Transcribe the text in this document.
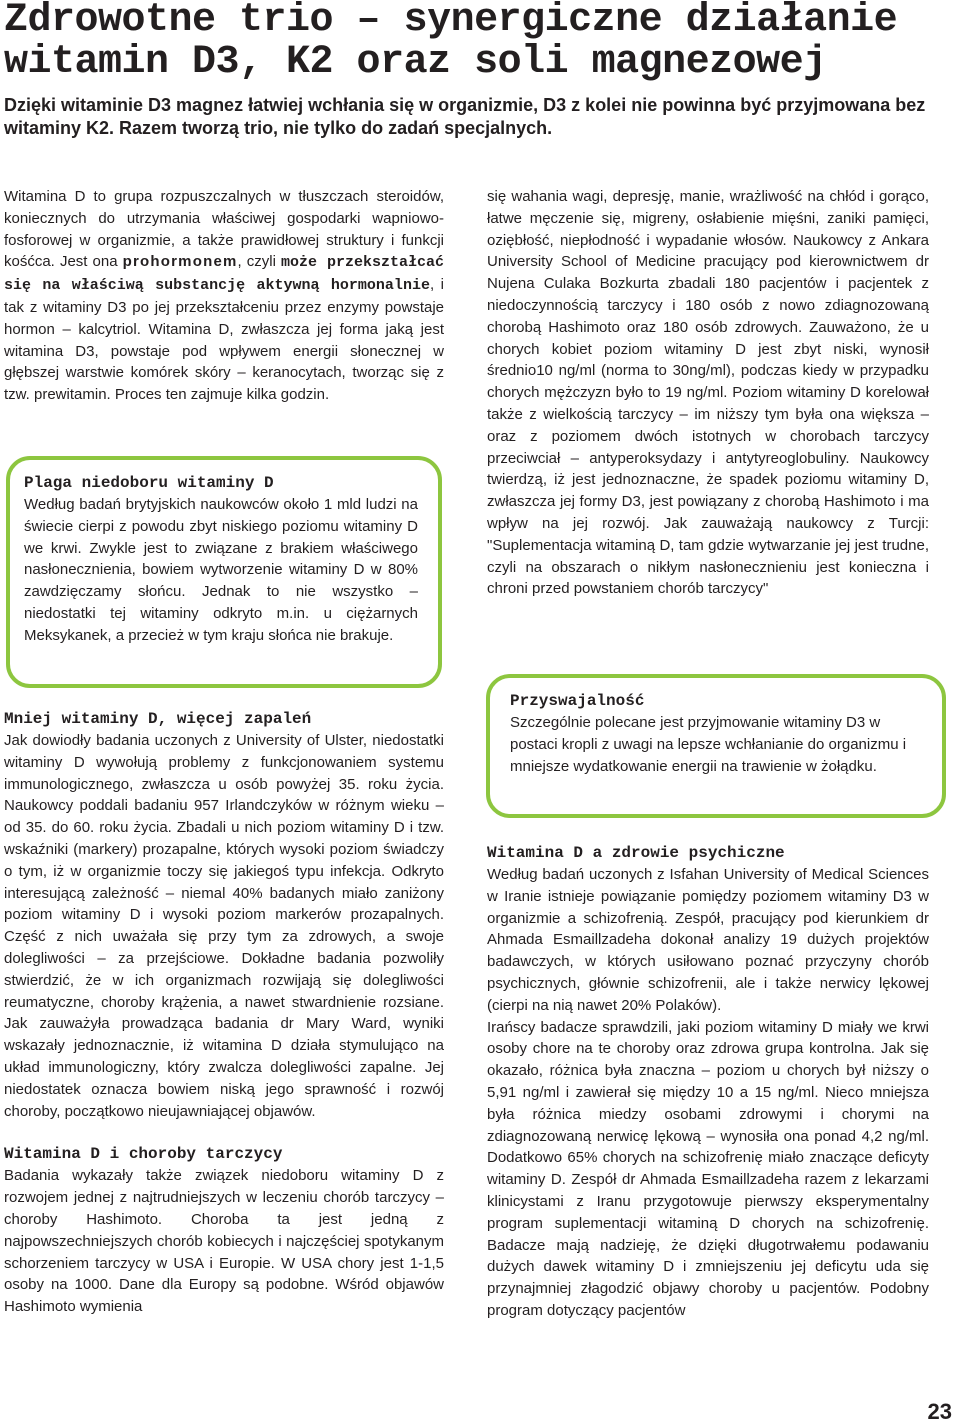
Zdrowotne trio – synergiczne działanie witamin D3, K2 oraz soli magnezowej

Dzięki witaminie D3 magnez łatwiej wchłania się w organizmie, D3 z kolei nie powinna być przyjmowana bez witaminy K2. Razem tworzą trio, nie tylko do zadań specjalnych.

Witamina D to grupa rozpuszczalnych w tłuszczach steroidów, koniecznych do utrzymania właściwej gospodarki wapniowo-fosforowej w organizmie, a także prawidłowej struktury i funkcji kośćca. Jest ona prohormonem, czyli może przekształcać się na właściwą substancję aktywną hormonalnie, i tak z witaminy D3 po jej przekształceniu przez enzymy powstaje hormon – kalcytriol. Witamina D, zwłaszcza jej forma jaką jest witamina D3, powstaje pod wpływem energii słonecznej w głębszej warstwie komórek skóry – keranocytach, tworząc się z tzw. prewitamin. Proces ten zajmuje kilka godzin.

Plaga niedoboru witaminy D

Według badań brytyjskich naukowców około 1 mld ludzi na świecie cierpi z powodu zbyt niskiego poziomu witaminy D we krwi. Zwykle jest to związane z brakiem właściwego nasłonecznienia, bowiem wytworzenie witaminy D w 80% zawdzięczamy słońcu. Jednak to nie wszystko – niedostatki tej witaminy odkryto m.in. u ciężarnych Meksykanek, a przecież w tym kraju słońca nie brakuje.

Mniej witaminy D, więcej zapaleń

Jak dowiodły badania uczonych z University of Ulster, niedostatki witaminy D wywołują problemy z funkcjonowaniem systemu immunologicznego, zwłaszcza u osób powyżej 35. roku życia. Naukowcy poddali badaniu 957 Irlandczyków w różnym wieku – od 35. do 60. roku życia. Zbadali u nich poziom witaminy D i tzw. wskaźniki (markery) prozapalne, których wysoki poziom świadczy o tym, iż w organizmie toczy się jakiegoś typu infekcja. Odkryto interesującą zależność – niemal 40% badanych miało zaniżony poziom witaminy D i wysoki poziom markerów prozapalnych. Część z nich uważała się przy tym za zdrowych, a swoje dolegliwości – za przejściowe. Dokładne badania pozwoliły stwierdzić, że w ich organizmach rozwijają się dolegliwości reumatyczne, choroby krążenia, a nawet stwardnienie rozsiane. Jak zauważyła prowadząca badania dr Mary Ward, wyniki wskazały jednoznacznie, iż witamina D działa stymulująco na układ immunologiczny, który zwalcza dolegliwości zapalne. Jej niedostatek oznacza bowiem niską jego sprawność i rozwój choroby, początkowo nieujawniającej objawów.

Witamina D i choroby tarczycy

Badania wykazały także związek niedoboru witaminy D z rozwojem jednej z najtrudniejszych w leczeniu chorób tarczycy – choroby Hashimoto. Choroba ta jest jedną z najpowszechniejszych chorób kobiecych i najczęściej spotykanym schorzeniem tarczycy w USA i Europie. W USA chory jest 1-1,5 osoby na 1000. Dane dla Europy są podobne. Wśród objawów Hashimoto wymienia

się wahania wagi, depresję, manie, wrażliwość na chłód i gorąco, łatwe męczenie się, migreny, osłabienie mięśni, zaniki pamięci, oziębłość, niepłodność i wypadanie włosów. Naukowcy z Ankara University School of Medicine pracujący pod kierownictwem dr Nujena Culaka Bozkurta zbadali 180 pacjentów i pacjentek z niedoczynnością tarczycy i 180 osób z nowo zdiagnozowaną chorobą Hashimoto oraz 180 osób zdrowych. Zauważono, że u chorych kobiet poziom witaminy D jest zbyt niski, wynosił średnio10 ng/ml (norma to 30ng/ml), podczas kiedy w przypadku chorych mężczyzn było to 19 ng/ml. Poziom witaminy D korelował także z wielkością tarczycy – im niższy tym była ona większa – oraz z poziomem dwóch istotnych w chorobach tarczycy przeciwciał – antyperoksydazy i antytyreoglobuliny. Naukowcy twierdzą, iż jest jednoznaczne, że spadek poziomu witaminy D, zwłaszcza jej formy D3, jest powiązany z chorobą Hashimoto i ma wpływ na jej rozwój. Jak zauważają naukowcy z Turcji: "Suplementacja witaminą D, tam gdzie wytwarzanie jej jest trudne, czyli na obszarach o nikłym nasłonecznieniu jest konieczna i chroni przed powstaniem chorób tarczycy"

Przyswajalność

Szczególnie polecane jest przyjmowanie witaminy D3 w postaci kropli z uwagi na lepsze wchłanianie do organizmu i mniejsze wydatkowanie energii na trawienie w żołądku.

Witamina D a zdrowie psychiczne

Według badań uczonych z Isfahan University of Medical Sciences w Iranie istnieje powiązanie pomiędzy poziomem witaminy D3 w organizmie a schizofrenią. Zespół, pracujący pod kierunkiem dr Ahmada Esmaillzadeha dokonał analizy 19 dużych projektów badawczych, w których usiłowano poznać przyczyny chorób psychicznych, głównie schizofrenii, ale i także nerwicy lękowej (cierpi na nią nawet 20% Polaków).

Irańscy badacze sprawdzili, jaki poziom witaminy D miały we krwi osoby chore na te choroby oraz zdrowa grupa kontrolna. Jak się okazało, różnica była znaczna – poziom u chorych był niższy o 5,91 ng/ml i zawierał się między 10 a 15 ng/ml. Nieco mniejsza była różnica miedzy osobami zdrowymi i chorymi na zdiagnozowaną nerwicę lękową – wynosiła ona ponad 4,2 ng/ml. Dodatkowo 65% chorych na schizofrenię miało znaczące deficyty witaminy D. Zespół dr Ahmada Esmaillzadeha razem z lekarzami klinicystami z Iranu przygotowuje pierwszy eksperymentalny program suplementacji witaminą D chorych na schizofrenię. Badacze mają nadzieję, że dzięki długotrwałemu podawaniu dużych dawek witaminy D i zmniejszeniu jej deficytu uda się przynajmniej złagodzić objawy choroby u pacjentów. Podobny program dotyczący pacjentów

23
